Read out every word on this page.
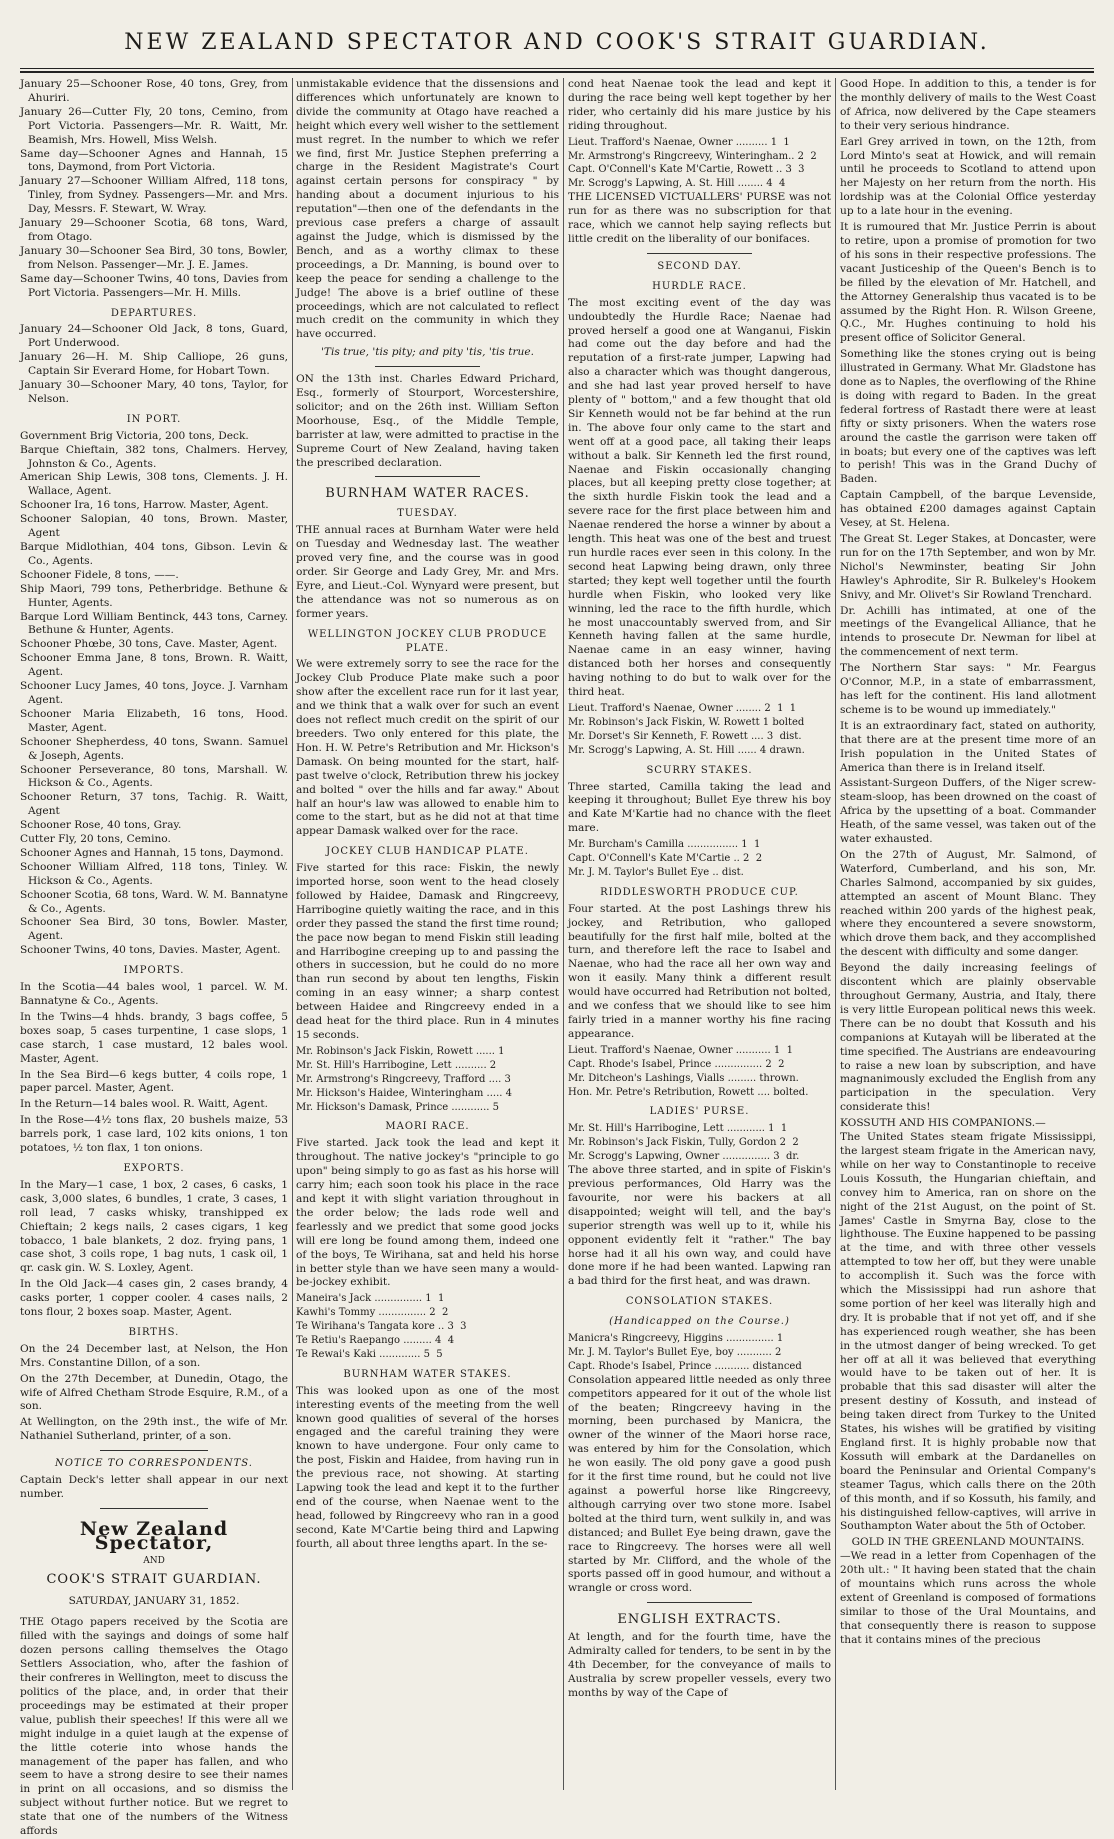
NEW ZEALAND SPECTATOR AND COOK'S STRAIT GUARDIAN.

January 25—Schooner Rose, 40 tons, Grey, from Ahuriri.

January 26—Cutter Fly, 20 tons, Cemino, from Port Victoria. Passengers—Mr. R. Waitt, Mr. Beamish, Mrs. Howell, Miss Welsh.

Same day—Schooner Agnes and Hannah, 15 tons, Daymond, from Port Victoria.

January 27—Schooner William Alfred, 118 tons, Tinley, from Sydney. Passengers—Mr. and Mrs. Day, Messrs. F. Stewart, W. Wray.

January 29—Schooner Scotia, 68 tons, Ward, from Otago.

January 30—Schooner Sea Bird, 30 tons, Bowler, from Nelson. Passenger—Mr. J. E. James.

Same day—Schooner Twins, 40 tons, Davies from Port Victoria. Passengers—Mr. H. Mills.

DEPARTURES.

January 24—Schooner Old Jack, 8 tons, Guard, Port Underwood.

January 26—H. M. Ship Calliope, 26 guns, Captain Sir Everard Home, for Hobart Town.

January 30—Schooner Mary, 40 tons, Taylor, for Nelson.

IN PORT.

Government Brig Victoria, 200 tons, Deck.

Barque Chieftain, 382 tons, Chalmers. Hervey, Johnston & Co., Agents.

American Ship Lewis, 308 tons, Clements. J. H. Wallace, Agent.

Schooner Ira, 16 tons, Harrow. Master, Agent.

Schooner Salopian, 40 tons, Brown. Master, Agent

Barque Midlothian, 404 tons, Gibson. Levin & Co., Agents.

Schooner Fidele, 8 tons, ——.

Ship Maori, 799 tons, Petherbridge. Bethune & Hunter, Agents.

Barque Lord William Bentinck, 443 tons, Carney. Bethune & Hunter, Agents.

Schooner Phœbe, 30 tons, Cave. Master, Agent.

Schooner Emma Jane, 8 tons, Brown. R. Waitt, Agent.

Schooner Lucy James, 40 tons, Joyce. J. Varnham Agent.

Schooner Maria Elizabeth, 16 tons, Hood. Master, Agent.

Schooner Shepherdess, 40 tons, Swann. Samuel & Joseph, Agents.

Schooner Perseverance, 80 tons, Marshall. W. Hickson & Co., Agents.

Schooner Return, 37 tons, Tachig. R. Waitt, Agent

Schooner Rose, 40 tons, Gray.

Cutter Fly, 20 tons, Cemino.

Schooner Agnes and Hannah, 15 tons, Daymond.

Schooner William Alfred, 118 tons, Tinley. W. Hickson & Co., Agents.

Schooner Scotia, 68 tons, Ward. W. M. Bannatyne & Co., Agents.

Schooner Sea Bird, 30 tons, Bowler. Master, Agent.

Schooner Twins, 40 tons, Davies. Master, Agent.

IMPORTS.

In the Scotia—44 bales wool, 1 parcel. W. M. Bannatyne & Co., Agents.

In the Twins—4 hhds. brandy, 3 bags coffee, 5 boxes soap, 5 cases turpentine, 1 case slops, 1 case starch, 1 case mustard, 12 bales wool. Master, Agent.

In the Sea Bird—6 kegs butter, 4 coils rope, 1 paper parcel. Master, Agent.

In the Return—14 bales wool. R. Waitt, Agent.

In the Rose—4½ tons flax, 20 bushels maize, 53 barrels pork, 1 case lard, 102 kits onions, 1 ton potatoes, ½ ton flax, 1 ton onions.

EXPORTS.

In the Mary—1 case, 1 box, 2 cases, 6 casks, 1 cask, 3,000 slates, 6 bundles, 1 crate, 3 cases, 1 roll lead, 7 casks whisky, transhipped ex Chieftain; 2 kegs nails, 2 cases cigars, 1 keg tobacco, 1 bale blankets, 2 doz. frying pans, 1 case shot, 3 coils rope, 1 bag nuts, 1 cask oil, 1 qr. cask gin. W. S. Loxley, Agent.

In the Old Jack—4 cases gin, 2 cases brandy, 4 casks porter, 1 copper cooler. 4 cases nails, 2 tons flour, 2 boxes soap. Master, Agent.

BIRTHS.

On the 24 December last, at Nelson, the Hon Mrs. Constantine Dillon, of a son.

On the 27th December, at Dunedin, Otago, the wife of Alfred Chetham Strode Esquire, R.M., of a son.

At Wellington, on the 29th inst., the wife of Mr. Nathaniel Sutherland, printer, of a son.

NOTICE TO CORRESPONDENTS.

Captain Deck's letter shall appear in our next number.

New Zealand Spectator,
AND
COOK'S STRAIT GUARDIAN.
SATURDAY, JANUARY 31, 1852.

THE Otago papers received by the Scotia are filled with the sayings and doings of some half dozen persons calling themselves the Otago Settlers Association, who, after the fashion of their confreres in Wellington, meet to discuss the politics of the place, and, in order that their proceedings may be estimated at their proper value, publish their speeches! If this were all we might indulge in a quiet laugh at the expense of the little coterie into whose hands the management of the paper has fallen, and who seem to have a strong desire to see their names in print on all occasions, and so dismiss the subject without further notice. But we regret to state that one of the numbers of the Witness affords

unmistakable evidence that the dissensions and differences which unfortunately are known to divide the community at Otago have reached a height which every well wisher to the settlement must regret. In the number to which we refer we find, first Mr. Justice Stephen preferring a charge in the Resident Magistrate's Court against certain persons for conspiracy " by handing about a document injurious to his reputation"—then one of the defendants in the previous case prefers a charge of assault against the Judge, which is dismissed by the Bench, and as a worthy climax to these proceedings, a Dr. Manning, is bound over to keep the peace for sending a challenge to the Judge! The above is a brief outline of these proceedings, which are not calculated to reflect much credit on the community in which they have occurred.

'Tis true, 'tis pity; and pity 'tis, 'tis true.

ON the 13th inst. Charles Edward Prichard, Esq., formerly of Stourport, Worcestershire, solicitor; and on the 26th inst. William Sefton Moorhouse, Esq., of the Middle Temple, barrister at law, were admitted to practise in the Supreme Court of New Zealand, having taken the prescribed declaration.

BURNHAM WATER RACES.
TUESDAY.

THE annual races at Burnham Water were held on Tuesday and Wednesday last. The weather proved very fine, and the course was in good order. Sir George and Lady Grey, Mr. and Mrs. Eyre, and Lieut.-Col. Wynyard were present, but the attendance was not so numerous as on former years.

WELLINGTON JOCKEY CLUB PRODUCE PLATE.

We were extremely sorry to see the race for the Jockey Club Produce Plate make such a poor show after the excellent race run for it last year, and we think that a walk over for such an event does not reflect much credit on the spirit of our breeders. Two only entered for this plate, the Hon. H. W. Petre's Retribution and Mr. Hickson's Damask. On being mounted for the start, half-past twelve o'clock, Retribution threw his jockey and bolted " over the hills and far away." About half an hour's law was allowed to enable him to come to the start, but as he did not at that time appear Damask walked over for the race.

JOCKEY CLUB HANDICAP PLATE.

Five started for this race: Fiskin, the newly imported horse, soon went to the head closely followed by Haidee, Damask and Ringcreevy, Harribogine quietly waiting the race, and in this order they passed the stand the first time round; the pace now began to mend Fiskin still leading and Harribogine creeping up to and passing the others in succession, but he could do no more than run second by about ten lengths, Fiskin coming in an easy winner; a sharp contest between Haidee and Ringcreevy ended in a dead heat for the third place. Run in 4 minutes 15 seconds.

Mr. Robinson's Jack Fiskin, Rowett ...... 1
Mr. St. Hill's Harribogine, Lett .......... 2
Mr. Armstrong's Ringcreevy, Trafford .... 3
Mr. Hickson's Haidee, Winteringham ..... 4
Mr. Hickson's Damask, Prince ............ 5
MAORI RACE.

Five started. Jack took the lead and kept it throughout. The native jockey's "principle to go upon" being simply to go as fast as his horse will carry him; each soon took his place in the race and kept it with slight variation throughout in the order below; the lads rode well and fearlessly and we predict that some good jocks will ere long be found among them, indeed one of the boys, Te Wirihana, sat and held his horse in better style than we have seen many a would-be-jockey exhibit.

Maneira's Jack ............... 1  1
Kawhi's Tommy ............... 2  2
Te Wirihana's Tangata kore .. 3  3
Te Retiu's Raepango ......... 4  4
Te Rewai's Kaki ............. 5  5
BURNHAM WATER STAKES.

This was looked upon as one of the most interesting events of the meeting from the well known good qualities of several of the horses engaged and the careful training they were known to have undergone. Four only came to the post, Fiskin and Haidee, from having run in the previous race, not showing. At starting Lapwing took the lead and kept it to the further end of the course, when Naenae went to the head, followed by Ringcreevy who ran in a good second, Kate M'Cartie being third and Lapwing fourth, all about three lengths apart. In the se-

cond heat Naenae took the lead and kept it during the race being well kept together by her rider, who certainly did his mare justice by his riding throughout.

Lieut. Trafford's Naenae, Owner .......... 1  1
Mr. Armstrong's Ringcreevy, Winteringham.. 2  2
Capt. O'Connell's Kate M'Cartie, Rowett .. 3  3
Mr. Scrogg's Lapwing, A. St. Hill ........ 4  4

THE LICENSED VICTUALLERS' PURSE was not run for as there was no subscription for that race, which we cannot help saying reflects but little credit on the liberality of our bonifaces.

SECOND DAY.
HURDLE RACE.

The most exciting event of the day was undoubtedly the Hurdle Race; Naenae had proved herself a good one at Wanganui, Fiskin had come out the day before and had the reputation of a first-rate jumper, Lapwing had also a character which was thought dangerous, and she had last year proved herself to have plenty of " bottom," and a few thought that old Sir Kenneth would not be far behind at the run in. The above four only came to the start and went off at a good pace, all taking their leaps without a balk. Sir Kenneth led the first round, Naenae and Fiskin occasionally changing places, but all keeping pretty close together; at the sixth hurdle Fiskin took the lead and a severe race for the first place between him and Naenae rendered the horse a winner by about a length. This heat was one of the best and truest run hurdle races ever seen in this colony. In the second heat Lapwing being drawn, only three started; they kept well together until the fourth hurdle when Fiskin, who looked very like winning, led the race to the fifth hurdle, which he most unaccountably swerved from, and Sir Kenneth having fallen at the same hurdle, Naenae came in an easy winner, having distanced both her horses and consequently having nothing to do but to walk over for the third heat.

Lieut. Trafford's Naenae, Owner ........ 2  1  1
Mr. Robinson's Jack Fiskin, W. Rowett 1 bolted
Mr. Dorset's Sir Kenneth, F. Rowett .... 3  dist.
Mr. Scrogg's Lapwing, A. St. Hill ...... 4 drawn.
SCURRY STAKES.

Three started, Camilla taking the lead and keeping it throughout; Bullet Eye threw his boy and Kate M'Kartie had no chance with the fleet mare.

Mr. Burcham's Camilla ................ 1  1
Capt. O'Connell's Kate M'Cartie .. 2  2
Mr. J. M. Taylor's Bullet Eye .. dist.
RIDDLESWORTH PRODUCE CUP.

Four started. At the post Lashings threw his jockey, and Retribution, who galloped beautifully for the first half mile, bolted at the turn, and therefore left the race to Isabel and Naenae, who had the race all her own way and won it easily. Many think a different result would have occurred had Retribution not bolted, and we confess that we should like to see him fairly tried in a manner worthy his fine racing appearance.

Lieut. Trafford's Naenae, Owner ........... 1  1
Capt. Rhode's Isabel, Prince ............... 2  2
Mr. Ditcheon's Lashings, Vialls ......... thrown.
Hon. Mr. Petre's Retribution, Rowett .... bolted.
LADIES' PURSE.
Mr. St. Hill's Harribogine, Lett ............ 1  1
Mr. Robinson's Jack Fiskin, Tully, Gordon 2  2
Mr. Scrogg's Lapwing, Owner ............... 3  dr.

The above three started, and in spite of Fiskin's previous performances, Old Harry was the favourite, nor were his backers at all disappointed; weight will tell, and the bay's superior strength was well up to it, while his opponent evidently felt it "rather." The bay horse had it all his own way, and could have done more if he had been wanted. Lapwing ran a bad third for the first heat, and was drawn.

CONSOLATION STAKES.
(Handicapped on the Course.)
Manicra's Ringcreevy, Higgins ............... 1
Mr. J. M. Taylor's Bullet Eye, boy ........... 2
Capt. Rhode's Isabel, Prince ........... distanced

Consolation appeared little needed as only three competitors appeared for it out of the whole list of the beaten; Ringcreevy having in the morning, been purchased by Manicra, the owner of the winner of the Maori horse race, was entered by him for the Consolation, which he won easily. The old pony gave a good push for it the first time round, but he could not live against a powerful horse like Ringcreevy, although carrying over two stone more. Isabel bolted at the third turn, went sulkily in, and was distanced; and Bullet Eye being drawn, gave the race to Ringcreevy. The horses were all well started by Mr. Clifford, and the whole of the sports passed off in good humour, and without a wrangle or cross word.

ENGLISH EXTRACTS.

At length, and for the fourth time, have the Admiralty called for tenders, to be sent in by the 4th December, for the conveyance of mails to Australia by screw propeller vessels, every two months by way of the Cape of

Good Hope. In addition to this, a tender is for the monthly delivery of mails to the West Coast of Africa, now delivered by the Cape steamers to their very serious hindrance.

Earl Grey arrived in town, on the 12th, from Lord Minto's seat at Howick, and will remain until he proceeds to Scotland to attend upon her Majesty on her return from the north. His lordship was at the Colonial Office yesterday up to a late hour in the evening.

It is rumoured that Mr. Justice Perrin is about to retire, upon a promise of promotion for two of his sons in their respective professions. The vacant Justiceship of the Queen's Bench is to be filled by the elevation of Mr. Hatchell, and the Attorney Generalship thus vacated is to be assumed by the Right Hon. R. Wilson Greene, Q.C., Mr. Hughes continuing to hold his present office of Solicitor General.

Something like the stones crying out is being illustrated in Germany. What Mr. Gladstone has done as to Naples, the overflowing of the Rhine is doing with regard to Baden. In the great federal fortress of Rastadt there were at least fifty or sixty prisoners. When the waters rose around the castle the garrison were taken off in boats; but every one of the captives was left to perish! This was in the Grand Duchy of Baden.

Captain Campbell, of the barque Levenside, has obtained £200 damages against Captain Vesey, at St. Helena.

The Great St. Leger Stakes, at Doncaster, were run for on the 17th September, and won by Mr. Nichol's Newminster, beating Sir John Hawley's Aphrodite, Sir R. Bulkeley's Hookem Snivy, and Mr. Olivet's Sir Rowland Trenchard.

Dr. Achilli has intimated, at one of the meetings of the Evangelical Alliance, that he intends to prosecute Dr. Newman for libel at the commencement of next term.

The Northern Star says: " Mr. Feargus O'Connor, M.P., in a state of embarrassment, has left for the continent. His land allotment scheme is to be wound up immediately."

It is an extraordinary fact, stated on authority, that there are at the present time more of an Irish population in the United States of America than there is in Ireland itself.

Assistant-Surgeon Duffers, of the Niger screw-steam-sloop, has been drowned on the coast of Africa by the upsetting of a boat. Commander Heath, of the same vessel, was taken out of the water exhausted.

On the 27th of August, Mr. Salmond, of Waterford, Cumberland, and his son, Mr. Charles Salmond, accompanied by six guides, attempted an ascent of Mount Blanc. They reached within 200 yards of the highest peak, where they encountered a severe snowstorm, which drove them back, and they accomplished the descent with difficulty and some danger.

Beyond the daily increasing feelings of discontent which are plainly observable throughout Germany, Austria, and Italy, there is very little European political news this week. There can be no doubt that Kossuth and his companions at Kutayah will be liberated at the time specified. The Austrians are endeavouring to raise a new loan by subscription, and have magnanimously excluded the English from any participation in the speculation. Very considerate this!

KOSSUTH AND HIS COMPANIONS.—

The United States steam frigate Mississippi, the largest steam frigate in the American navy, while on her way to Constantinople to receive Louis Kossuth, the Hungarian chieftain, and convey him to America, ran on shore on the night of the 21st August, on the point of St. James' Castle in Smyrna Bay, close to the lighthouse. The Euxine happened to be passing at the time, and with three other vessels attempted to tow her off, but they were unable to accomplish it. Such was the force with which the Mississippi had run ashore that some portion of her keel was literally high and dry. It is probable that if not yet off, and if she has experienced rough weather, she has been in the utmost danger of being wrecked. To get her off at all it was believed that everything would have to be taken out of her. It is probable that this sad disaster will alter the present destiny of Kossuth, and instead of being taken direct from Turkey to the United States, his wishes will be gratified by visiting England first. It is highly probable now that Kossuth will embark at the Dardanelles on board the Peninsular and Oriental Company's steamer Tagus, which calls there on the 20th of this month, and if so Kossuth, his family, and his distinguished fellow-captives, will arrive in Southampton Water about the 5th of October.

GOLD IN THE GREENLAND MOUNTAINS.

—We read in a letter from Copenhagen of the 20th ult.: " It having been stated that the chain of mountains which runs across the whole extent of Greenland is composed of formations similar to those of the Ural Mountains, and that consequently there is reason to suppose that it contains mines of the precious
